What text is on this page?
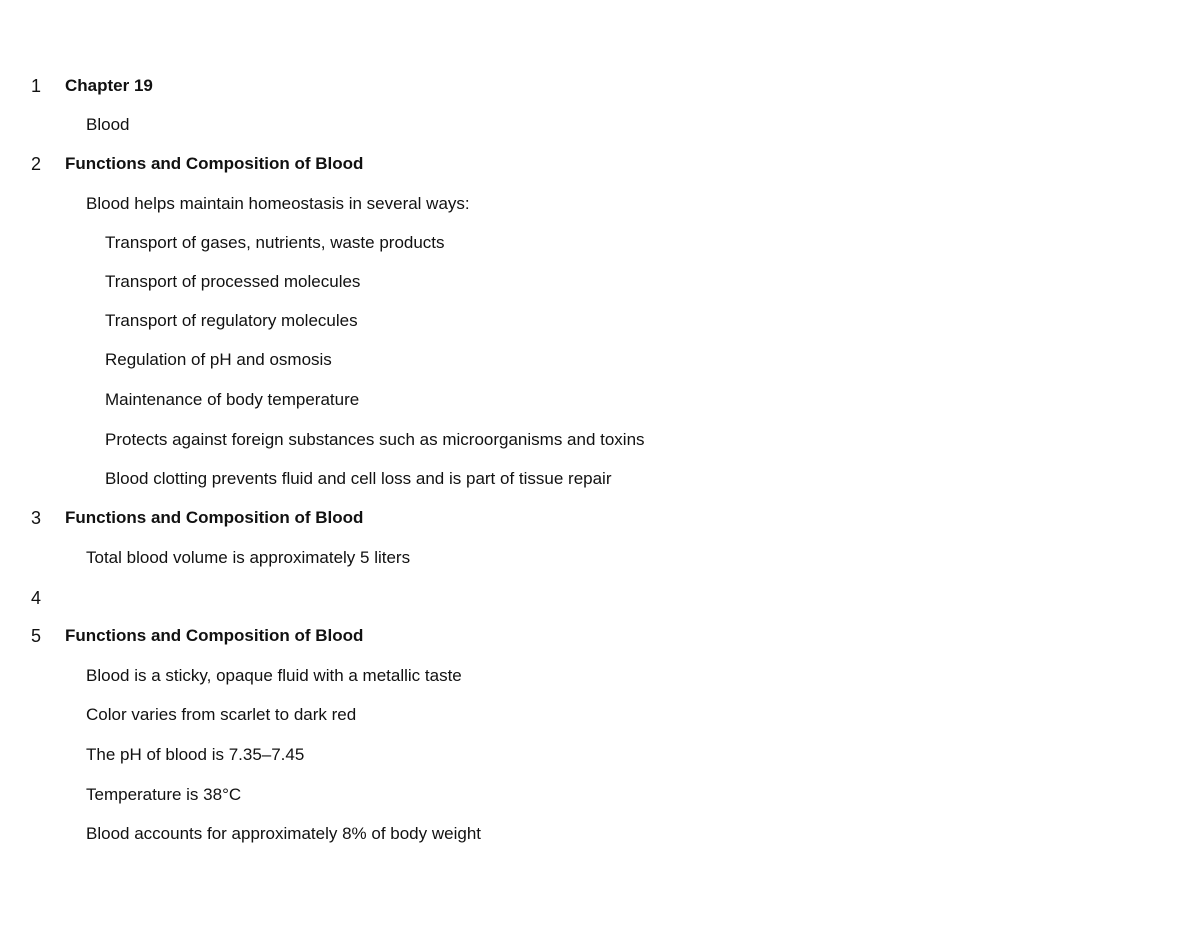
1 Chapter 19
Blood
2 Functions and Composition of Blood
Blood helps maintain homeostasis in several ways:
Transport of gases, nutrients, waste products
Transport of processed molecules
Transport of regulatory molecules
Regulation of pH and osmosis
Maintenance of body temperature
Protects against foreign substances such as microorganisms and toxins
Blood clotting prevents fluid and cell loss and is part of tissue repair
3 Functions and Composition of Blood
Total blood volume is approximately 5 liters
4
5 Functions and Composition of Blood
Blood is a sticky, opaque fluid with a metallic taste
Color varies from scarlet to dark red
The pH of blood is 7.35–7.45
Temperature is 38°C
Blood accounts for approximately 8% of body weight
